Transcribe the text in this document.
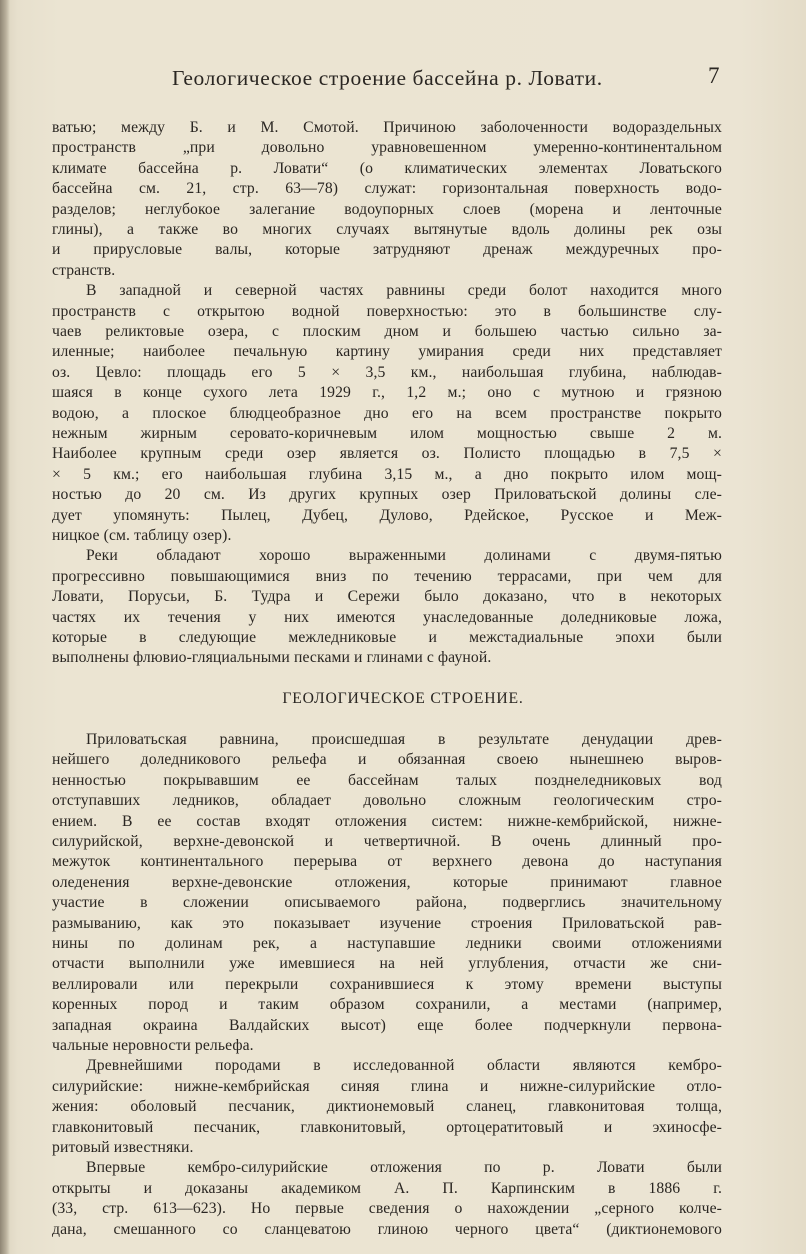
Геологическое строение бассейна р. Ловати.	7
ватью; между Б. и М. Смотой. Причиною заболоченности водораздельных
пространств „при довольно уравновешенном умеренно-континентальном
климате бассейна р. Ловати“ (о климатических элементах Ловатьского
бассейна см. 21, стр. 63—78) служат: горизонтальная поверхность водо-
разделов; неглубокое залегание водоупорных слоев (морена и ленточные
глины), а также во многих случаях вытянутые вдоль долины рек озы
и прирусловые валы, которые затрудняют дренаж междуречных про-
странств.
В западной и северной частях равнины среди болот находится много
пространств с открытою водной поверхностью: это в большинстве слу-
чаев реликтовые озера, с плоским дном и большею частью сильно за-
иленные; наиболее печальную картину умирания среди них представляет
оз. Цевло: площадь его 5 × 3,5 км., наибольшая глубина, наблюдав-
шаяся в конце сухого лета 1929 г., 1,2 м.; оно с мутною и грязною
водою, а плоское блюдцеобразное дно его на всем пространстве покрыто
нежным жирным серовато-коричневым илом мощностью свыше 2 м.
Наиболее крупным среди озер является оз. Полисто площадью в 7,5 ×
× 5 км.; его наибольшая глубина 3,15 м., а дно покрыто илом мощ-
ностью до 20 см. Из других крупных озер Приловатьской долины сле-
дует упомянуть: Пылец, Дубец, Дулово, Рдейское, Русское и Меж-
ницкое (см. таблицу озер).
Реки обладают хорошо выраженными долинами с двумя-пятью
прогрессивно повышающимися вниз по течению террасами, при чем для
Ловати, Порусьи, Б. Тудра и Сережи было доказано, что в некоторых
частях их течения у них имеются унаследованные доледниковые ложа,
которые в следующие межледниковые и межстадиальные эпохи были
выполнены флювио-гляциальными песками и глинами с фауной.
ГЕОЛОГИЧЕСКОЕ СТРОЕНИЕ.
Приловатьская равнина, происшедшая в результате денудации древ-
нейшего доледникового рельефа и обязанная своею нынешнею выров-
ненностью покрывавшим ее бассейнам талых позднеледниковых вод
отступавших ледников, обладает довольно сложным геологическим стро-
ением. В ее состав входят отложения систем: нижне-кембрийской, нижне-
силурийской, верхне-девонской и четвертичной. В очень длинный про-
межуток континентального перерыва от верхнего девона до наступания
оледенения верхне-девонские отложения, которые принимают главное
участие в сложении описываемого района, подверглись значительному
размыванию, как это показывает изучение строения Приловатьской рав-
нины по долинам рек, а наступавшие ледники своими отложениями
отчасти выполнили уже имевшиеся на ней углубления, отчасти же сни-
веллировали или перекрыли сохранившиеся к этому времени выступы
коренных пород и таким образом сохранили, а местами (например,
западная окраина Валдайских высот) еще более подчеркнули первона-
чальные неровности рельефа.
Древнейшими породами в исследованной области являются кембро-
силурийские: нижне-кембрийская синяя глина и нижне-силурийские отло-
жения: оболовый песчаник, диктионемовый сланец, главконитовая толща,
главконитовый песчаник, главконитовый, ортоцератитовый и эхиносфе-
ритовый известняки.
Впервые кембро-силурийские отложения по р. Ловати были
открыты и доказаны академиком А. П. Карпинским в 1886 г.
(33, стр. 613—623). Но первые сведения о нахождении „серного колче-
дана, смешанного со сланцеватою глиною черного цвета“ (диктионемового
